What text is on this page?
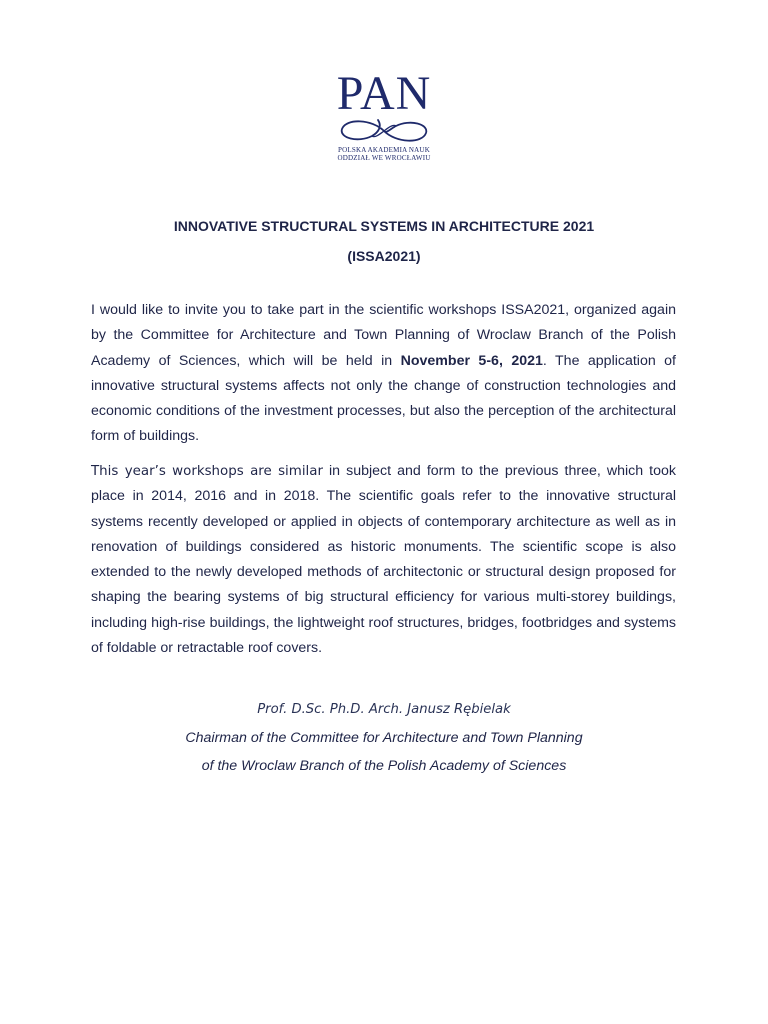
PAN
POLSKA AKADEMIA NAUK
ODDZIAŁ WE WROCŁAWIU
INNOVATIVE STRUCTURAL SYSTEMS IN ARCHITECTURE 2021
(ISSA2021)

I would like to invite you to take part in the scientific workshops ISSA2021, organized again by the Committee for Architecture and Town Planning of Wroclaw Branch of the Polish Academy of Sciences, which will be held in November 5-6, 2021. The application of innovative structural systems affects not only the change of construction technologies and economic conditions of the investment processes, but also the perception of the architectural form of buildings.

This year’s workshops are similar in subject and form to the previous three, which took place in 2014, 2016 and in 2018. The scientific goals refer to the innovative structural systems recently developed or applied in objects of contemporary architecture as well as in renovation of buildings considered as historic monuments. The scientific scope is also extended to the newly developed methods of architectonic or structural design proposed for shaping the bearing systems of big structural efficiency for various multi-storey buildings, including high-rise buildings, the lightweight roof structures, bridges, footbridges and systems of foldable or retractable roof covers.

Prof. D.Sc. Ph.D. Arch. Janusz Rębielak
Chairman of the Committee for Architecture and Town Planning
of the Wroclaw Branch of the Polish Academy of Sciences
